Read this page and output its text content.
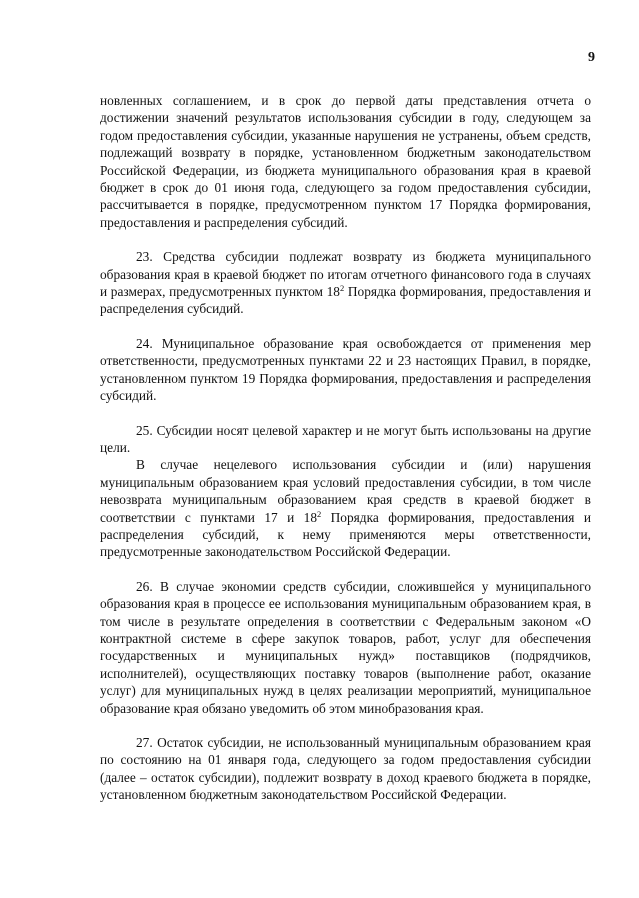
9

новленных соглашением, и в срок до первой даты представления отчета о достижении значений результатов использования субсидии в году, следующем за годом предоставления субсидии, указанные нарушения не устранены, объем средств, подлежащий возврату в порядке, установленном бюджетным законодательством Российской Федерации, из бюджета муниципального образования края в краевой бюджет в срок до 01 июня года, следующего за годом предоставления субсидии, рассчитывается в порядке, предусмотренном пунктом 17 Порядка формирования, предоставления и распределения субсидий.

23. Средства субсидии подлежат возврату из бюджета муниципального образования края в краевой бюджет по итогам отчетного финансового года в случаях и размерах, предусмотренных пунктом $18^2$ Порядка формирования, предоставления и распределения субсидий.

24. Муниципальное образование края освобождается от применения мер ответственности, предусмотренных пунктами 22 и 23 настоящих Правил, в порядке, установленном пунктом 19 Порядка формирования, предоставления и распределения субсидий.

25. Субсидии носят целевой характер и не могут быть использованы на другие цели.

В случае нецелевого использования субсидии и (или) нарушения муниципальным образованием края условий предоставления субсидии, в том числе невозврата муниципальным образованием края средств в краевой бюджет в соответствии с пунктами 17 и $18^2$ Порядка формирования, предоставления и распределения субсидий, к нему применяются меры ответственности, предусмотренные законодательством Российской Федерации.

26. В случае экономии средств субсидии, сложившейся у муниципального образования края в процессе ее использования муниципальным образованием края, в том числе в результате определения в соответствии с Федеральным законом «О контрактной системе в сфере закупок товаров, работ, услуг для обеспечения государственных и муниципальных нужд» поставщиков (подрядчиков, исполнителей), осуществляющих поставку товаров (выполнение работ, оказание услуг) для муниципальных нужд в целях реализации мероприятий, муниципальное образование края обязано уведомить об этом минобразования края.

27. Остаток субсидии, не использованный муниципальным образованием края по состоянию на 01 января года, следующего за годом предоставления субсидии (далее – остаток субсидии), подлежит возврату в доход краевого бюджета в порядке, установленном бюджетным законодательством Российской Федерации.
